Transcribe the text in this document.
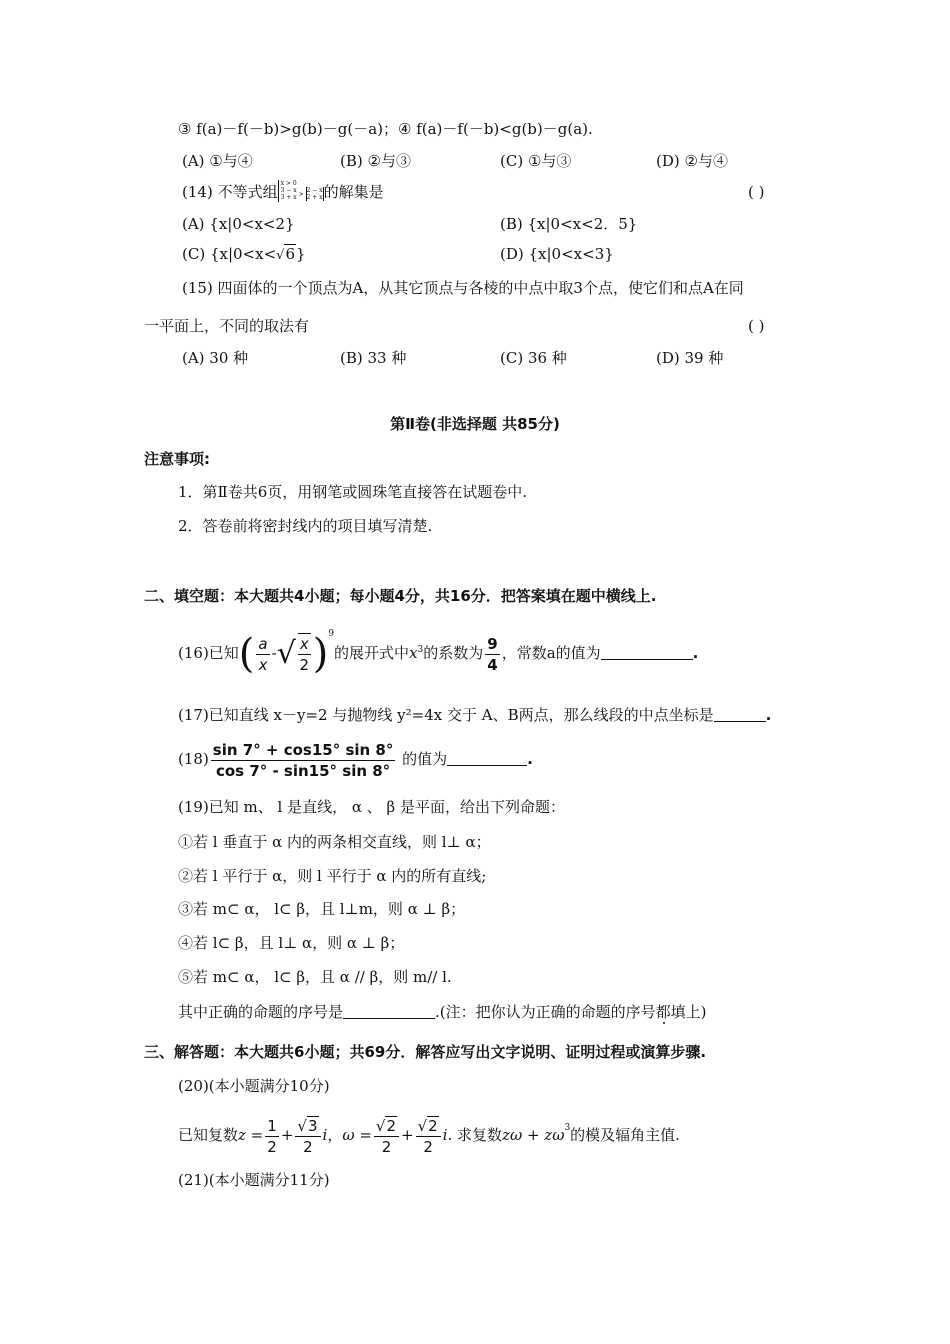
③ f(a)－f(－b)>g(b)－g(－a)；④ f(a)－f(－b)<g(b)－g(a).
(A) ①与④	(B) ②与③	(C) ①与③	(D) ②与④
(14) 不等式组 x > 0
3 − x
3 + x > 2 − x
2 + x 的解集是	( )
(A) {x|0<x<2}	(B) {x|0<x<2．5}
(C) {x|0<x<√6}	(D) {x|0<x<3}
(15) 四面体的一个顶点为A，从其它顶点与各棱的中点中取3个点，使它们和点A在同
一平面上，不同的取法有	( )
(A) 30 种	(B) 33 种	(C) 36 种	(D) 39 种
第Ⅱ卷(非选择题 共85分)
注意事项:
1．第Ⅱ卷共6页，用钢笔或圆珠笔直接答在试题卷中.
2．答卷前将密封线内的项目填写清楚.
二、填空题：本大题共4小题；每小题4分，共16分．把答案填在题中横线上.
(16)已知( $\frac{a}{x}$ -√ $\frac{x}{2} )^9$的展开式中$x^3$的系数为 $\frac{9}{4}$ ，常数a的值为	.
(17)已知直线 x－y=2 与抛物线 y²=4x 交于 A、B两点，那么线段的中点坐标是	.
$(18) \frac{\sin 7^\circ + \cos 15^\circ \sin 8^\circ}{\cos 7^\circ - \sin 15^\circ \sin 8^\circ}$ 的值为	.
(19)已知 m、 l 是直线， α 、 β 是平面，给出下列命题：
①若 l 垂直于 α 内的两条相交直线，则 l⊥ α；
②若 l 平行于 α，则 l 平行于 α 内的所有直线;
③若 m⊂ α， l⊂ β，且 l⊥m，则 α ⊥ β；
④若 l⊂ β，且 l⊥ α，则 α ⊥ β；
⑤若 m⊂ α， l⊂ β，且 α // β，则 m// l.
其中正确的命题的序号是	.(注：把你认为正确的命题的序号都填上)
三、解答题：本大题共6小题；共69分．解答应写出文字说明、证明过程或演算步骤.
(20)(本小题满分10分)
已知复数$z = \frac{1}{2} + \frac{√3}{2}$ i，$\omega = \frac{√2}{2} + \frac{√2}{2} i$. 求复数$z\omega + z\omega^3$的模及辐角主值.
(21)(本小题满分11分)
